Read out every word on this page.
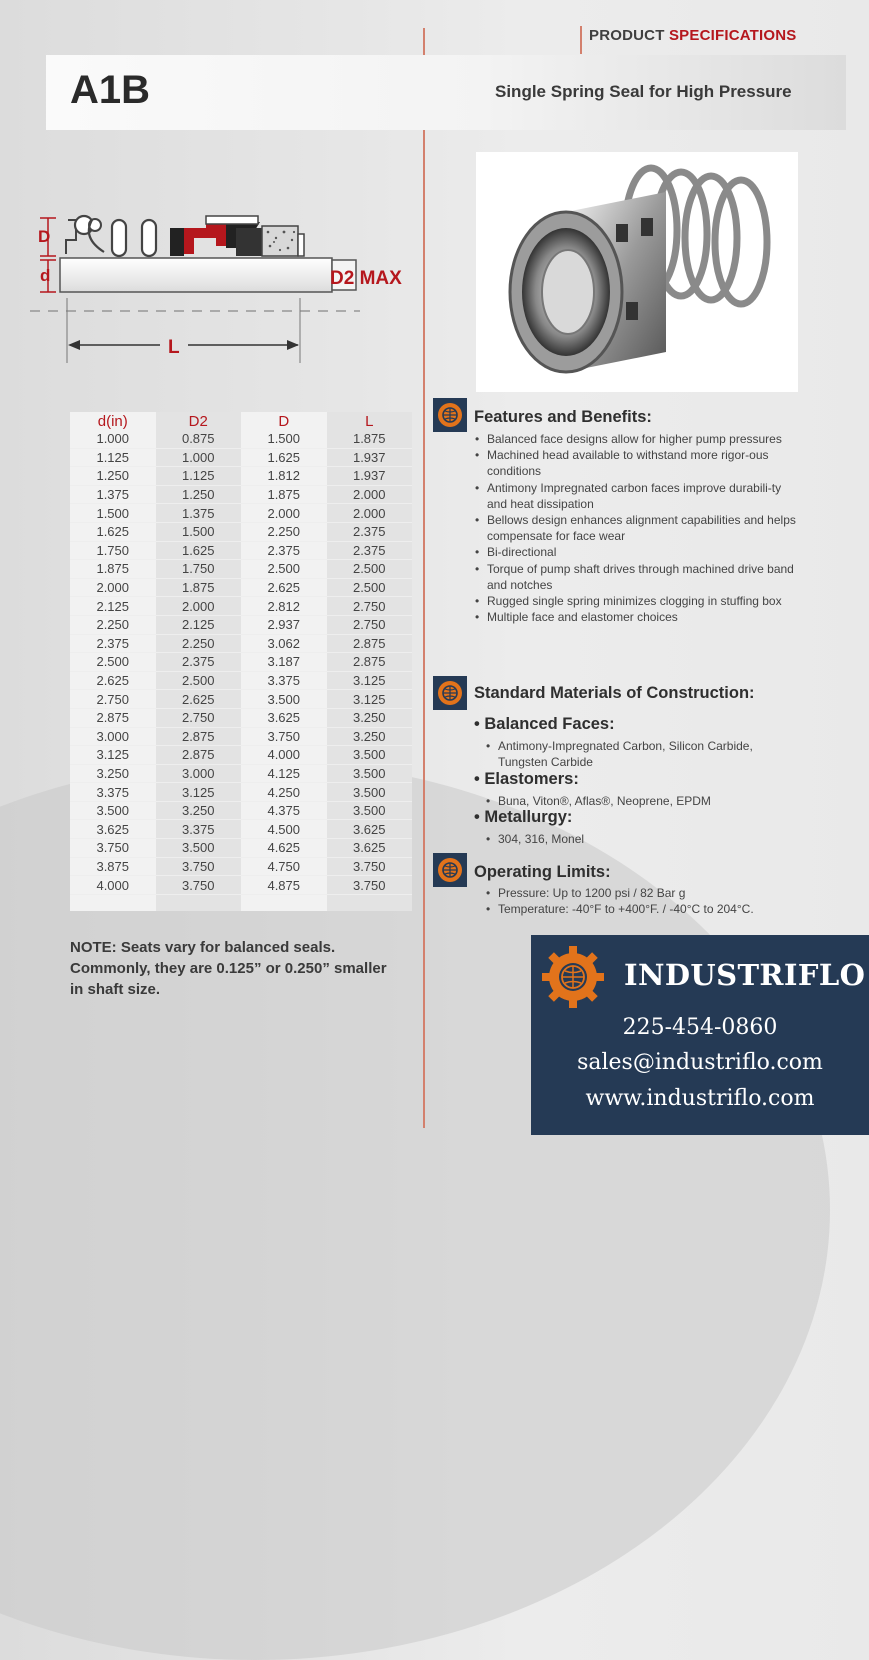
PRODUCT SPECIFICATIONS
A1B	Single Spring Seal for High Pressure
D
d	D2 MAX
L
d(in)	D2	D	L
1.000	0.875	1.500	1.875
1.125	1.000	1.625	1.937
1.250	1.125	1.812	1.937
1.375	1.250	1.875	2.000
1.500	1.375	2.000	2.000
1.625	1.500	2.250	2.375
1.750	1.625	2.375	2.375
1.875	1.750	2.500	2.500
2.000	1.875	2.625	2.500
2.125	2.000	2.812	2.750
2.250	2.125	2.937	2.750
2.375	2.250	3.062	2.875
2.500	2.375	3.187	2.875
2.625	2.500	3.375	3.125
2.750	2.625	3.500	3.125
2.875	2.750	3.625	3.250
3.000	2.875	3.750	3.250
3.125	2.875	4.000	3.500
3.250	3.000	4.125	3.500
3.375	3.125	4.250	3.500
3.500	3.250	4.375	3.500
3.625	3.375	4.500	3.625
3.750	3.500	4.625	3.625
3.875	3.750	4.750	3.750
4.000	3.750	4.875	3.750

NOTE: Seats vary for balanced seals. Commonly, they are 0.125” or 0.250” smaller in shaft size.
Features and Benefits:
• Balanced face designs allow for higher pump pressures
• Machined head available to withstand more rigor-ous conditions
• Antimony Impregnated carbon faces improve durabili-ty and heat dissipation
• Bellows design enhances alignment capabilities and helps compensate for face wear
• Bi-directional
• Torque of pump shaft drives through machined drive band and notches
• Rugged single spring minimizes clogging in stuffing box
• Multiple face and elastomer choices
Standard Materials of Construction:
• Balanced Faces:
• Antimony-Impregnated Carbon, Silicon Carbide, Tungsten Carbide
• Elastomers:
• Buna, Viton®, Aflas®, Neoprene, EPDM
• Metallurgy:
• 304, 316, Monel
Operating Limits:
• Pressure: Up to 1200 psi / 82 Bar g
• Temperature: -40°F to +400°F. / -40°C to 204°C.
INDUSTRIFLO
225-454-0860
sales@industriflo.com
www.industriflo.com
